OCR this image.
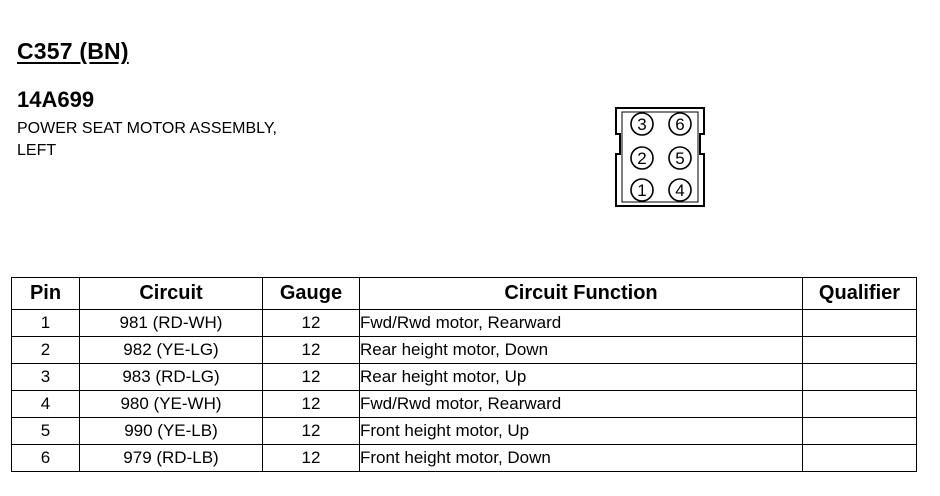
C357 (BN)
14A699
POWER SEAT MOTOR ASSEMBLY,
LEFT
3 6
2 5
1 4
Pin	Circuit	Gauge	Circuit Function	Qualifier
1	981 (RD-WH)	12	Fwd/Rwd motor, Rearward	
2	982 (YE-LG)	12	Rear height motor, Down	
3	983 (RD-LG)	12	Rear height motor, Up	
4	980 (YE-WH)	12	Fwd/Rwd motor, Rearward	
5	990 (YE-LB)	12	Front height motor, Up	
6	979 (RD-LB)	12	Front height motor, Down	
